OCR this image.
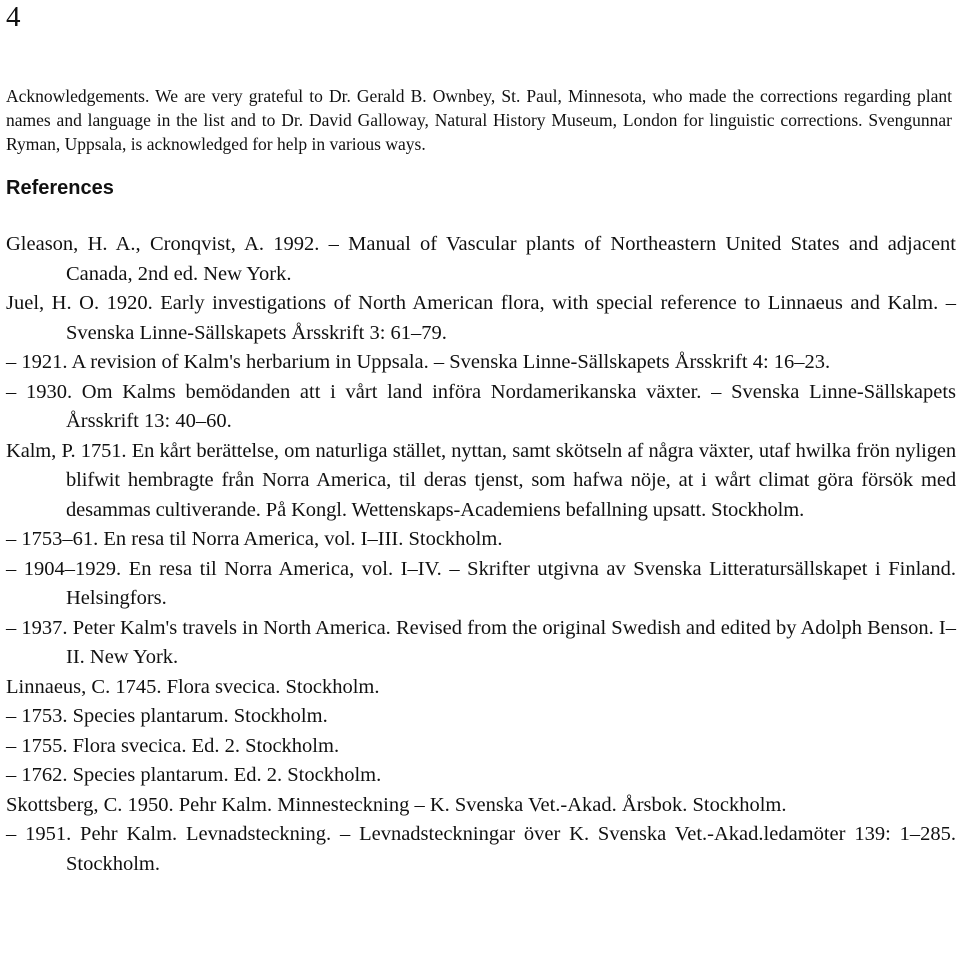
4

Acknowledgements. We are very grateful to Dr. Gerald B. Ownbey, St. Paul, Minnesota, who made the corrections regarding plant names and language in the list and to Dr. David Galloway, Natural History Museum, London for linguistic corrections. Svengunnar Ryman, Uppsala, is acknowledged for help in various ways.

References
Gleason, H. A., Cronqvist, A. 1992. – Manual of Vascular plants of Northeastern United States and adjacent Canada, 2nd ed. New York.
Juel, H. O. 1920. Early investigations of North American flora, with special reference to Linnaeus and Kalm. – Svenska Linne-Sällskapets Årsskrift 3: 61–79.
– 1921. A revision of Kalm's herbarium in Uppsala. – Svenska Linne-Sällskapets Årsskrift 4: 16–23.
– 1930. Om Kalms bemödanden att i vårt land införa Nordamerikanska växter. – Svenska Linne-Sällskapets Årsskrift 13: 40–60.
Kalm, P. 1751. En kårt berättelse, om naturliga stället, nyttan, samt skötseln af några växter, utaf hwilka frön nyligen blifwit hembragte från Norra America, til deras tjenst, som hafwa nöje, at i wårt climat göra försök med desammas cultiverande. På Kongl. Wettenskaps-Academiens befallning upsatt. Stockholm.
– 1753–61. En resa til Norra America, vol. I–III. Stockholm.
– 1904–1929. En resa til Norra America, vol. I–IV. – Skrifter utgivna av Svenska Litteratursällskapet i Finland. Helsingfors.
– 1937. Peter Kalm's travels in North America. Revised from the original Swedish and edited by Adolph Benson. I–II. New York.
Linnaeus, C. 1745. Flora svecica. Stockholm.
– 1753. Species plantarum. Stockholm.
– 1755. Flora svecica. Ed. 2. Stockholm.
– 1762. Species plantarum. Ed. 2. Stockholm.
Skottsberg, C. 1950. Pehr Kalm. Minnesteckning – K. Svenska Vet.-Akad. Årsbok. Stockholm.
– 1951. Pehr Kalm. Levnadsteckning. – Levnadsteckningar över K. Svenska Vet.-Akad.ledamöter 139: 1–285. Stockholm.
